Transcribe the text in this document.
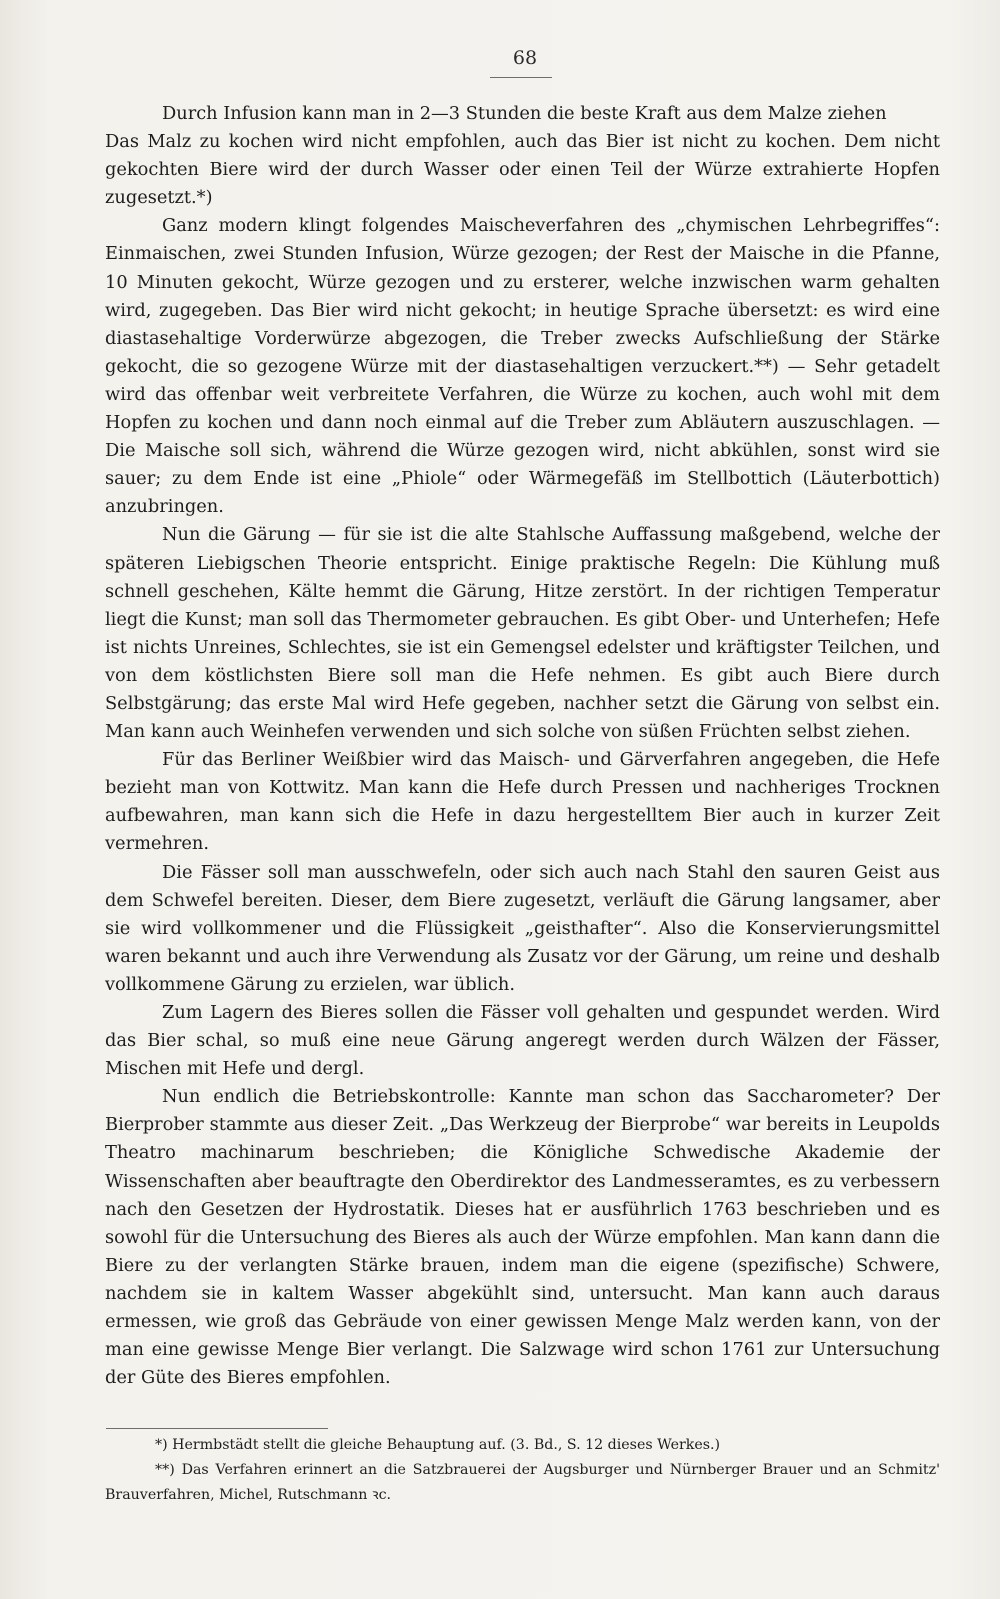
68

Durch Infusion kann man in 2—3 Stunden die beste Kraft aus dem Malze ziehen

Das Malz zu kochen wird nicht empfohlen, auch das Bier ist nicht zu kochen. Dem nicht gekochten Biere wird der durch Wasser oder einen Teil der Würze extrahierte Hopfen zugesetzt.*)

Ganz modern klingt folgendes Maischeverfahren des „chymischen Lehrbegriffes“: Einmaischen, zwei Stunden Infusion, Würze gezogen; der Rest der Maische in die Pfanne, 10 Minuten gekocht, Würze gezogen und zu ersterer, welche inzwischen warm gehalten wird, zugegeben. Das Bier wird nicht gekocht; in heutige Sprache übersetzt: es wird eine diastasehaltige Vorderwürze abgezogen, die Treber zwecks Aufschließung der Stärke gekocht, die so gezogene Würze mit der diastasehaltigen verzuckert.**) — Sehr getadelt wird das offenbar weit verbreitete Verfahren, die Würze zu kochen, auch wohl mit dem Hopfen zu kochen und dann noch einmal auf die Treber zum Abläutern auszuschlagen. — Die Maische soll sich, während die Würze gezogen wird, nicht abkühlen, sonst wird sie sauer; zu dem Ende ist eine „Phiole“ oder Wärmegefäß im Stellbottich (Läuterbottich) anzubringen.

Nun die Gärung — für sie ist die alte Stahlsche Auffassung maßgebend, welche der späteren Liebigschen Theorie entspricht. Einige praktische Regeln: Die Kühlung muß schnell geschehen, Kälte hemmt die Gärung, Hitze zerstört. In der richtigen Temperatur liegt die Kunst; man soll das Thermometer gebrauchen. Es gibt Ober- und Unterhefen; Hefe ist nichts Unreines, Schlechtes, sie ist ein Gemengsel edelster und kräftigster Teilchen, und von dem köstlichsten Biere soll man die Hefe nehmen. Es gibt auch Biere durch Selbstgärung; das erste Mal wird Hefe gegeben, nachher setzt die Gärung von selbst ein. Man kann auch Weinhefen verwenden und sich solche von süßen Früchten selbst ziehen.

Für das Berliner Weißbier wird das Maisch- und Gärverfahren angegeben, die Hefe bezieht man von Kottwitz. Man kann die Hefe durch Pressen und nachheriges Trocknen aufbewahren, man kann sich die Hefe in dazu hergestelltem Bier auch in kurzer Zeit vermehren.

Die Fässer soll man ausschwefeln, oder sich auch nach Stahl den sauren Geist aus dem Schwefel bereiten. Dieser, dem Biere zugesetzt, verläuft die Gärung langsamer, aber sie wird vollkommener und die Flüssigkeit „geisthafter“. Also die Konservierungsmittel waren bekannt und auch ihre Verwendung als Zusatz vor der Gärung, um reine und deshalb vollkommene Gärung zu erzielen, war üblich.

Zum Lagern des Bieres sollen die Fässer voll gehalten und gespundet werden. Wird das Bier schal, so muß eine neue Gärung angeregt werden durch Wälzen der Fässer, Mischen mit Hefe und dergl.

Nun endlich die Betriebskontrolle: Kannte man schon das Saccharometer? Der Bierprober stammte aus dieser Zeit. „Das Werkzeug der Bierprobe“ war bereits in Leupolds Theatro machinarum beschrieben; die Königliche Schwedische Akademie der Wissenschaften aber beauftragte den Oberdirektor des Landmesseramtes, es zu verbessern nach den Gesetzen der Hydrostatik. Dieses hat er ausführlich 1763 beschrieben und es sowohl für die Untersuchung des Bieres als auch der Würze empfohlen. Man kann dann die Biere zu der verlangten Stärke brauen, indem man die eigene (spezifische) Schwere, nachdem sie in kaltem Wasser abgekühlt sind, untersucht. Man kann auch daraus ermessen, wie groß das Gebräude von einer gewissen Menge Malz werden kann, von der man eine gewisse Menge Bier verlangt. Die Salzwage wird schon 1761 zur Untersuchung der Güte des Bieres empfohlen.

*) Hermbstädt stellt die gleiche Behauptung auf. (3. Bd., S. 12 dieses Werkes.)

**) Das Verfahren erinnert an die Satzbrauerei der Augsburger und Nürnberger Brauer und an Schmitz' Brauverfahren, Michel, Rutschmann ꝛc.
